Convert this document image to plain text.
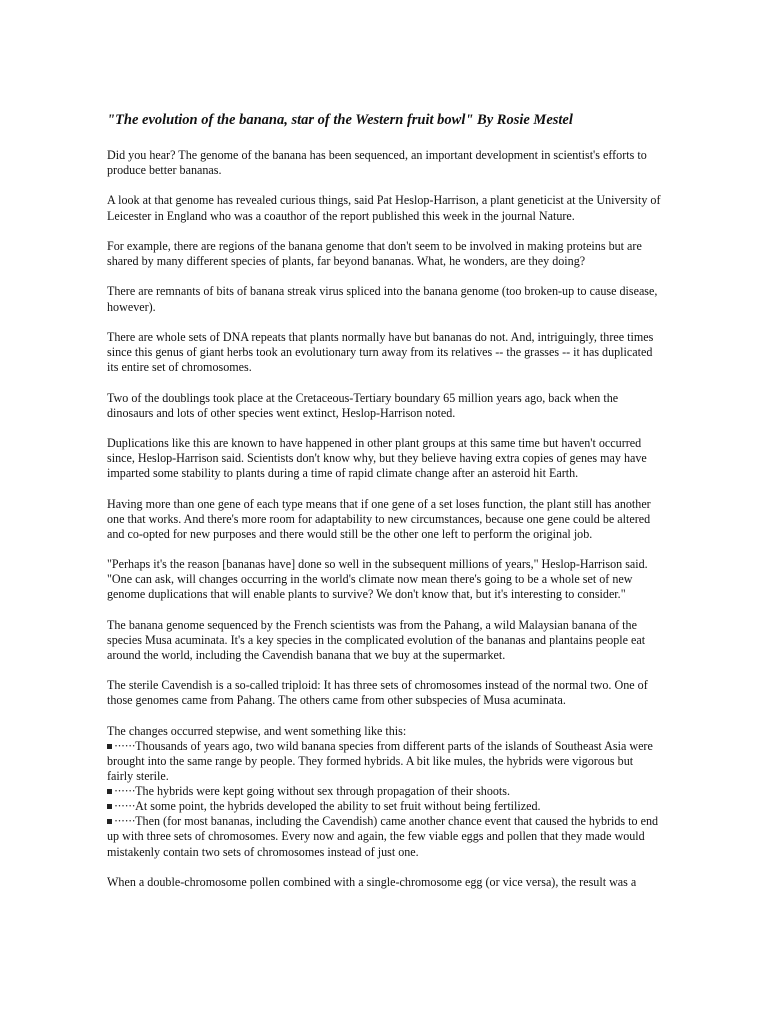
"The evolution of the banana, star of the Western fruit bowl" By Rosie Mestel

Did you hear? The genome of the banana has been sequenced, an important development in scientist's efforts to produce better bananas.

A look at that genome has revealed curious things, said Pat Heslop-Harrison, a plant geneticist at the University of Leicester in England who was a coauthor of the report published this week in the journal Nature.

For example, there are regions of the banana genome that don't seem to be involved in making proteins but are shared by many different species of plants, far beyond bananas. What, he wonders, are they doing?

There are remnants of bits of banana streak virus spliced into the banana genome (too broken-up to cause disease, however).

There are whole sets of DNA repeats that plants normally have but bananas do not. And, intriguingly, three times since this genus of giant herbs took an evolutionary turn away from its relatives -- the grasses -- it has duplicated its entire set of chromosomes.

Two of the doublings took place at the Cretaceous-Tertiary boundary 65 million years ago, back when the dinosaurs and lots of other species went extinct, Heslop-Harrison noted.

Duplications like this are known to have happened in other plant groups at this same time but haven't occurred since, Heslop-Harrison said. Scientists don't know why, but they believe having extra copies of genes may have imparted some stability to plants during a time of rapid climate change after an asteroid hit Earth.

Having more than one gene of each type means that if one gene of a set loses function, the plant still has another one that works. And there's more room for adaptability to new circumstances, because one gene could be altered and co-opted for new purposes and there would still be the other one left to perform the original job.

"Perhaps it's the reason [bananas have] done so well in the subsequent millions of years," Heslop-Harrison said. "One can ask, will changes occurring in the world's climate now mean there's going to be a whole set of new genome duplications that will enable plants to survive? We don't know that, but it's interesting to consider."

The banana genome sequenced by the French scientists was from the Pahang, a wild Malaysian banana of the species Musa acuminata. It's a key species in the complicated evolution of the bananas and plantains people eat around the world, including the Cavendish banana that we buy at the supermarket.

The sterile Cavendish is a so-called triploid: It has three sets of chromosomes instead of the normal two. One of those genomes came from Pahang. The others came from other subspecies of Musa acuminata.

The changes occurred stepwise, and went something like this:

······Thousands of years ago, two wild banana species from different parts of the islands of Southeast Asia were brought into the same range by people. They formed hybrids. A bit like mules, the hybrids were vigorous but fairly sterile.

······The hybrids were kept going without sex through propagation of their shoots.

······At some point, the hybrids developed the ability to set fruit without being fertilized.

······Then (for most bananas, including the Cavendish) came another chance event that caused the hybrids to end up with three sets of chromosomes. Every now and again, the few viable eggs and pollen that they made would mistakenly contain two sets of chromosomes instead of just one.

When a double-chromosome pollen combined with a single-chromosome egg (or vice versa), the result was a
